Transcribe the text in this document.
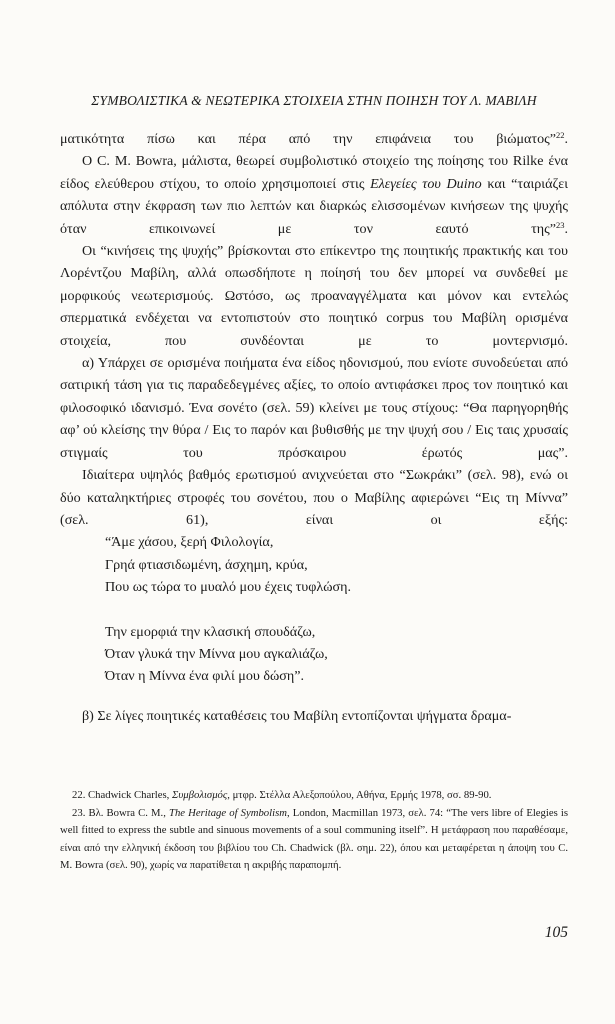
ΣΥΜΒΟΛΙΣΤΙΚΑ & ΝΕΩΤΕΡΙΚΑ ΣΤΟΙΧΕΙΑ ΣΤΗΝ ΠΟΙΗΣΗ ΤΟΥ Λ. ΜΑΒΙΛΗ

ματικότητα πίσω και πέρα από την επιφάνεια του βιώματος”$^{22}$.

Ο C. M. Bowra, μάλιστα, θεωρεί συμβολιστικό στοιχείο της ποίησης του Rilke ένα είδος ελεύθερου στίχου, το οποίο χρησιμοποιεί στις Ελεγείες του Duino και “ταιριάζει απόλυτα στην έκφραση των πιο λεπτών και διαρκώς ελισσομένων κινήσεων της ψυχής όταν επικοινωνεί με τον εαυτό της”$^{23}$.

Οι “κινήσεις της ψυχής” βρίσκονται στο επίκεντρο της ποιητικής πρακτικής και του Λορέντζου Μαβίλη, αλλά οπωσδήποτε η ποίησή του δεν μπορεί να συνδεθεί με μορφικούς νεωτερισμούς. Ωστόσο, ως προαναγγέλματα και μόνον και εντελώς σπερματικά ενδέχεται να εντοπιστούν στο ποιητικό corpus του Μαβίλη ορισμένα στοιχεία, που συνδέονται με το μοντερνισμό.

α) Υπάρχει σε ορισμένα ποιήματα ένα είδος ηδονισμού, που ενίοτε συνοδεύεται από σατιρική τάση για τις παραδεδεγμένες αξίες, το οποίο αντιφάσκει προς τον ποιητικό και φιλοσοφικό ιδανισμό. Ένα σονέτο (σελ. 59) κλείνει με τους στίχους: “Θα παρηγορηθής αφ’ ού κλείσης την θύρα / Εις το παρόν και βυθισθής με την ψυχή σου / Εις ταις χρυσαίς στιγμαίς του πρόσκαιρου έρωτός μας”.

Ιδιαίτερα υψηλός βαθμός ερωτισμού ανιχνεύεται στο “Σωκράκι” (σελ. 98), ενώ οι δύο καταληκτήριες στροφές του σονέτου, που ο Μαβίλης αφιερώνει “Εις τη Μίννα” (σελ. 61), είναι οι εξής:

“Άμε χάσου, ξερή Φιλολογία,
Γρηά φτιασιδωμένη, άσχημη, κρύα,
Που ως τώρα το μυαλό μου έχεις τυφλώση.
Την εμορφιά την κλασική σπουδάζω,
Όταν γλυκά την Μίννα μου αγκαλιάζω,
Όταν η Μίννα ένα φιλί μου δώση”.

β) Σε λίγες ποιητικές καταθέσεις του Μαβίλη εντοπίζονται ψήγματα δραμα-

22. Chadwick Charles, Συμβολισμός, μτφρ. Στέλλα Αλεξοπούλου, Αθήνα, Ερμής 1978, σσ. 89-90.

23. Βλ. Bowra C. M., The Heritage of Symbolism, London, Macmillan 1973, σελ. 74: “The vers libre of Elegies is well fitted to express the subtle and sinuous movements of a soul communing itself”. Η μετάφραση που παραθέσαμε, είναι από την ελληνική έκδοση του βιβλίου του Ch. Chadwick (βλ. σημ. 22), όπου και μεταφέρεται η άποψη του C. M. Bowra (σελ. 90), χωρίς να παρατίθεται η ακριβής παραπομπή.

105
